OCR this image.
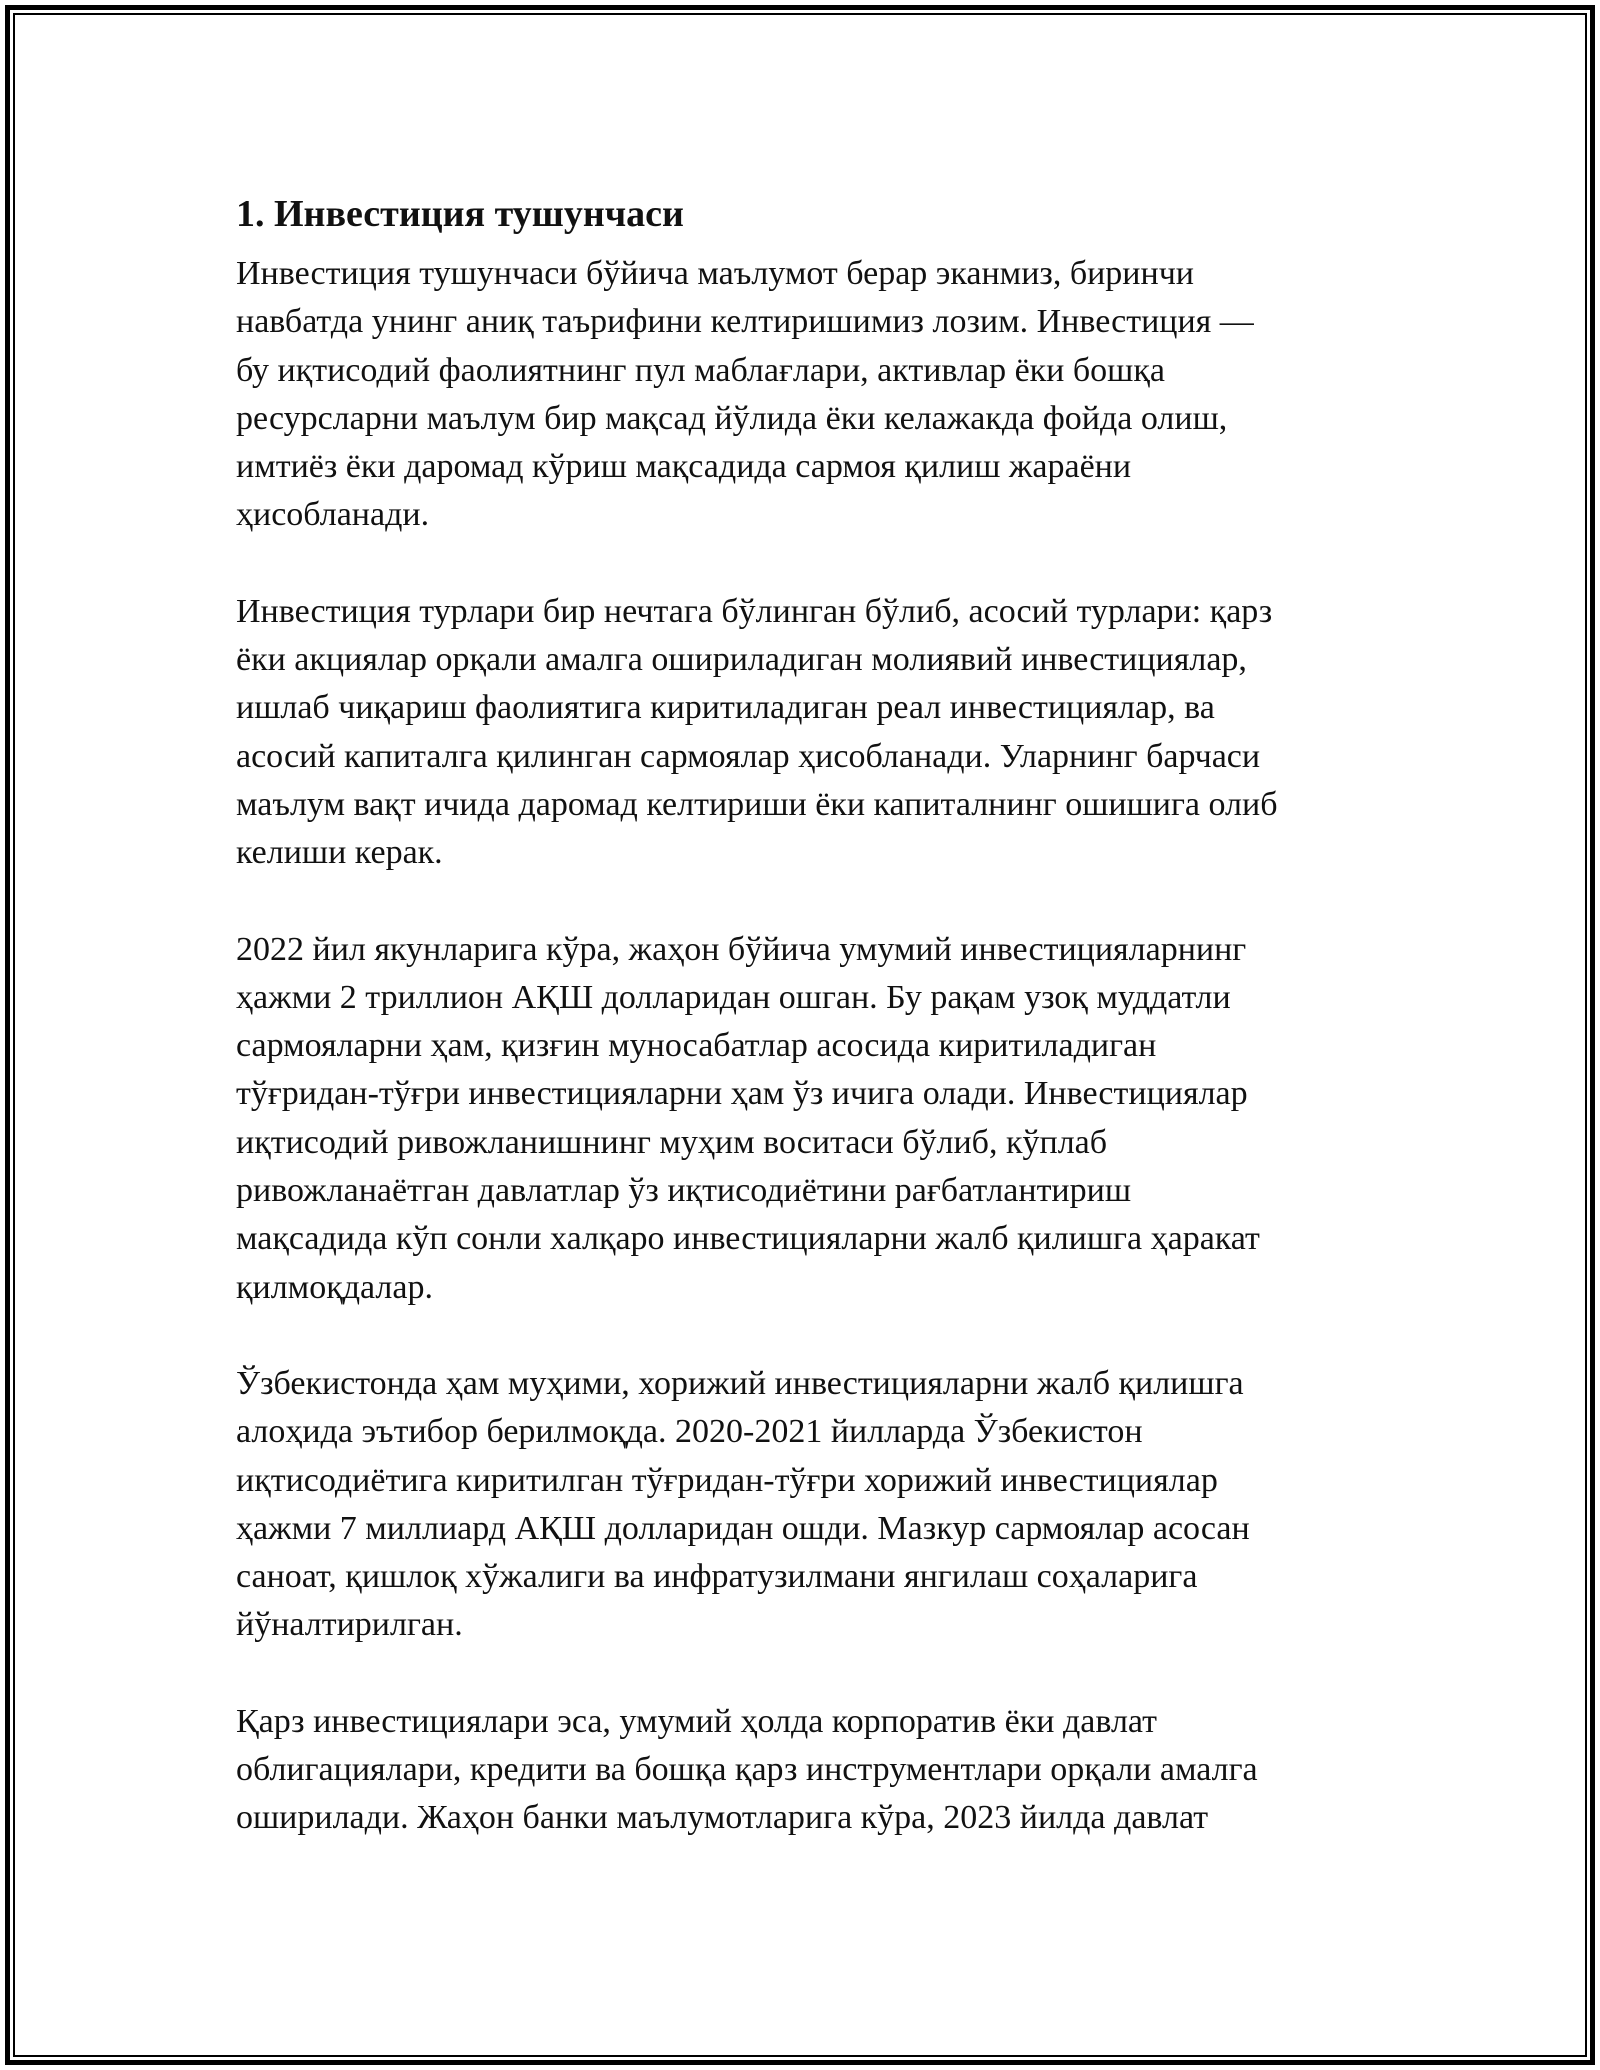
1. Инвестиция тушунчаси
Инвестиция тушунчаси бўйича маълумот берар эканмиз, биринчи
навбатда унинг аниқ таърифини келтиришимиз лозим. Инвестиция —
бу иқтисодий фаолиятнинг пул маблағлари, активлар ёки бошқа
ресурсларни маълум бир мақсад йўлида ёки келажакда фойда олиш,
имтиёз ёки даромад кўриш мақсадида сармоя қилиш жараёни
ҳисобланади.
Инвестиция турлари бир нечтага бўлинган бўлиб, асосий турлари: қарз
ёки акциялар орқали амалга ошириладиган молиявий инвестициялар,
ишлаб чиқариш фаолиятига киритиладиган реал инвестициялар, ва
асосий капиталга қилинган сармоялар ҳисобланади. Уларнинг барчаси
маълум вақт ичида даромад келтириши ёки капиталнинг ошишига олиб
келиши керак.
2022 йил якунларига кўра, жаҳон бўйича умумий инвестицияларнинг
ҳажми 2 триллион АҚШ долларидан ошган. Бу рақам узоқ муддатли
сармояларни ҳам, қизғин муносабатлар асосида киритиладиган
тўғридан-тўғри инвестицияларни ҳам ўз ичига олади. Инвестициялар
иқтисодий ривожланишнинг муҳим воситаси бўлиб, кўплаб
ривожланаётган давлатлар ўз иқтисодиётини рағбатлантириш
мақсадида кўп сонли халқаро инвестицияларни жалб қилишга ҳаракат
қилмоқдалар.
Ўзбекистонда ҳам муҳими, хорижий инвестицияларни жалб қилишга
алоҳида эътибор берилмоқда. 2020-2021 йилларда Ўзбекистон
иқтисодиётига киритилган тўғридан-тўғри хорижий инвестициялар
ҳажми 7 миллиард АҚШ долларидан ошди. Мазкур сармоялар асосан
саноат, қишлоқ хўжалиги ва инфратузилмани янгилаш соҳаларига
йўналтирилган.
Қарз инвестициялари эса, умумий ҳолда корпоратив ёки давлат
облигациялари, кредити ва бошқа қарз инструментлари орқали амалга
оширилади. Жаҳон банки маълумотларига кўра, 2023 йилда давлат
